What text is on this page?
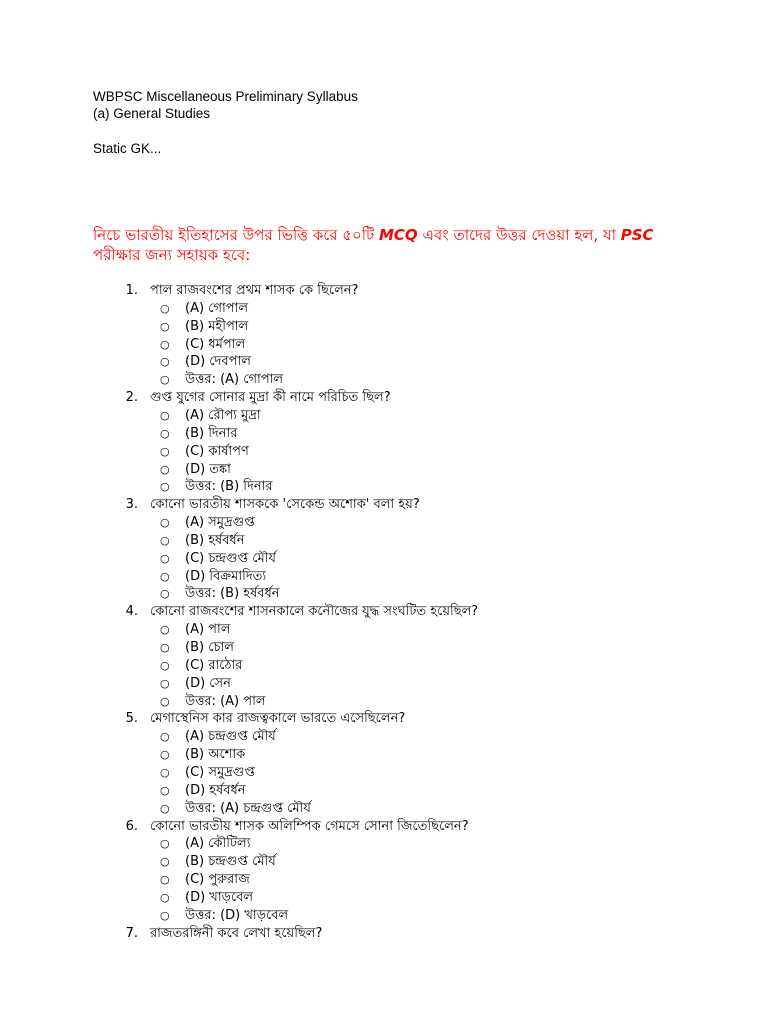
WBPSC Miscellaneous Preliminary Syllabus
(a) General Studies
Static GK...
নিচে ভারতীয় ইতিহাসের উপর ভিত্তি করে ৫০টি MCQ এবং তাদের উত্তর দেওয়া হল, যা PSC পরীক্ষার জন্য সহায়ক হবে:
1. পাল রাজবংশের প্রথম শাসক কে ছিলেন?
○ (A) গোপাল
○ (B) মহীপাল
○ (C) ধর্মপাল
○ (D) দেবপাল
○ উত্তর: (A) গোপাল
2. গুপ্ত যুগের সোনার মুদ্রা কী নামে পরিচিত ছিল?
○ (A) রৌপ্য মুদ্রা
○ (B) দিনার
○ (C) কার্ষাপণ
○ (D) তঙ্কা
○ উত্তর: (B) দিনার
3. কোনো ভারতীয় শাসককে 'সেকেন্ড অশোক' বলা হয়?
○ (A) সমুদ্রগুপ্ত
○ (B) হর্ষবর্ধন
○ (C) চন্দ্রগুপ্ত মৌর্য
○ (D) বিক্রমাদিত্য
○ উত্তর: (B) হর্ষবর্ধন
4. কোনো রাজবংশের শাসনকালে কনৌজের যুদ্ধ সংঘটিত হয়েছিল?
○ (A) পাল
○ (B) চোল
○ (C) রাঠোর
○ (D) সেন
○ উত্তর: (A) পাল
5. মেগাস্থেনিস কার রাজত্বকালে ভারতে এসেছিলেন?
○ (A) চন্দ্রগুপ্ত মৌর্য
○ (B) অশোক
○ (C) সমুদ্রগুপ্ত
○ (D) হর্ষবর্ধন
○ উত্তর: (A) চন্দ্রগুপ্ত মৌর্য
6. কোনো ভারতীয় শাসক অলিম্পিক গেমসে সোনা জিতেছিলেন?
○ (A) কৌটিল্য
○ (B) চন্দ্রগুপ্ত মৌর্য
○ (C) পুরুরাজ
○ (D) খাড়বেল
○ উত্তর: (D) খাড়বেল
7. রাজতরঙ্গিনী কবে লেখা হয়েছিল?
